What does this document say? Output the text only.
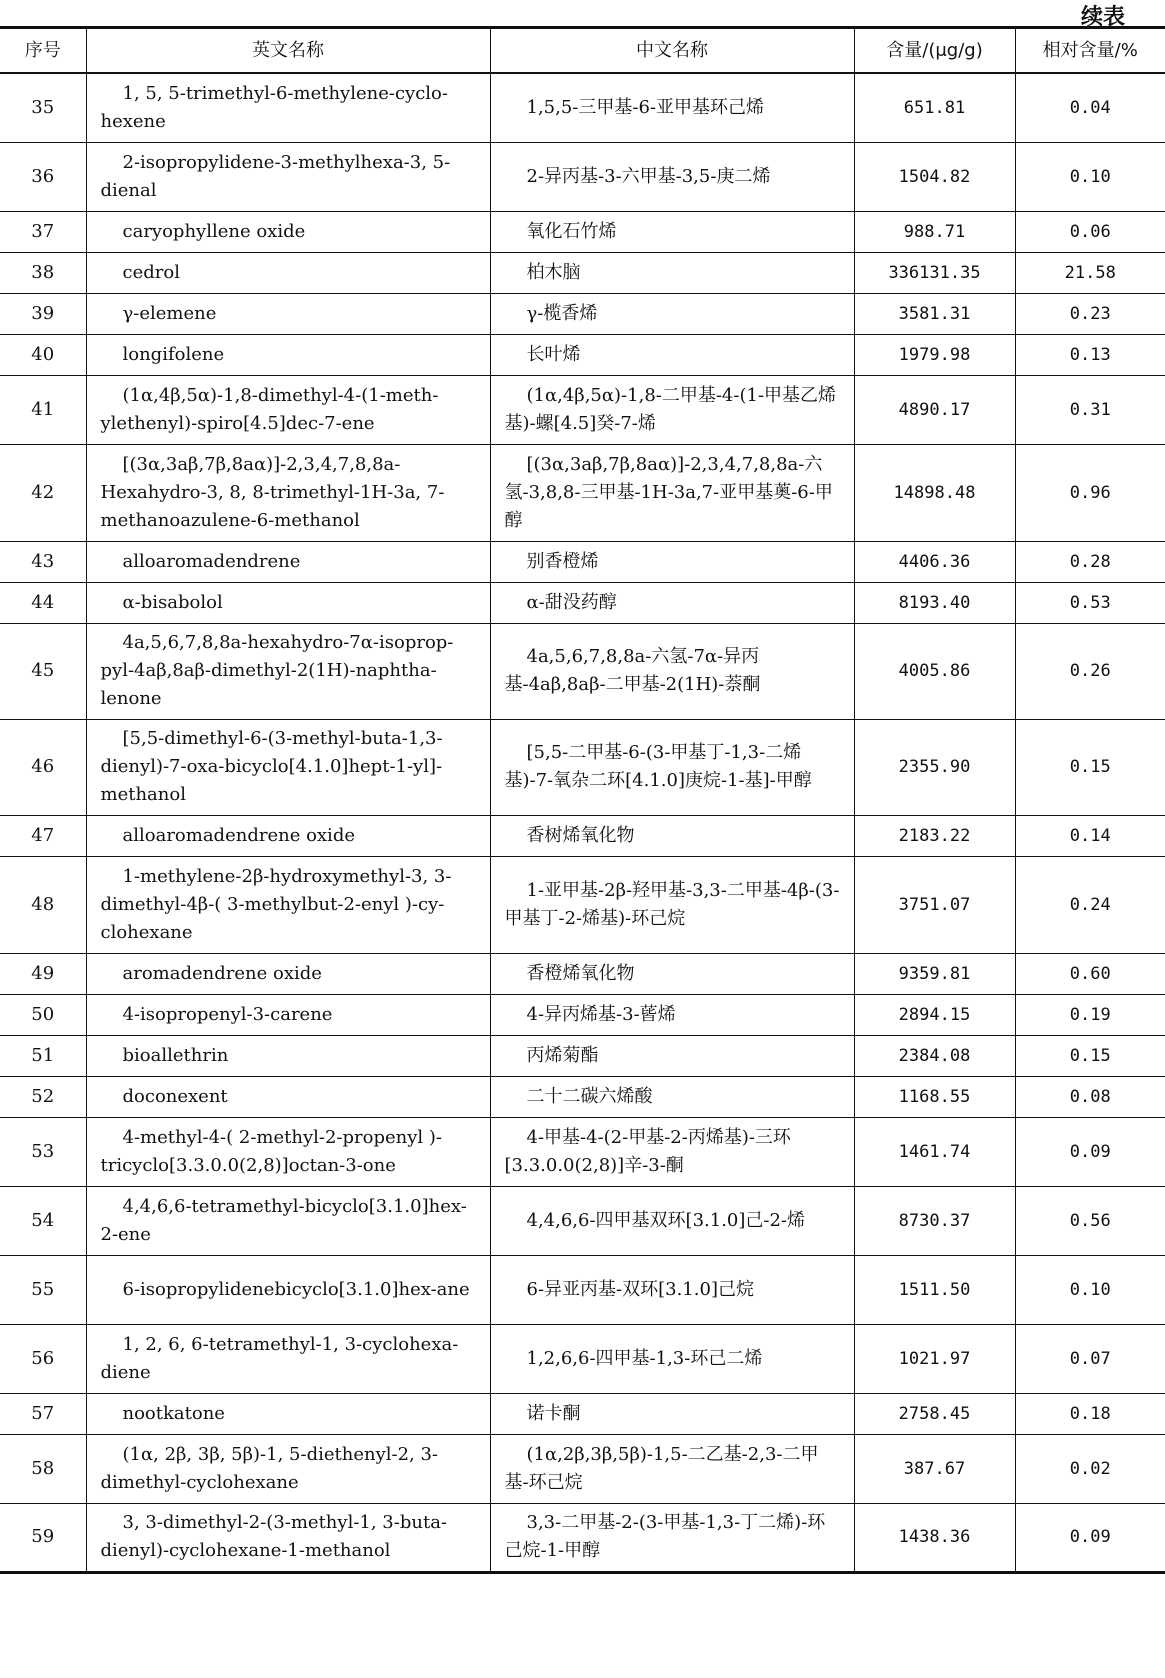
续表
序号	英文名称	中文名称	含量/(μg/g)	相对含量/%
35	1, 5, 5-trimethyl-6-methylene-cyclo-hexene	1,5,5-三甲基-6-亚甲基环己烯	651.81	0.04
36	2-isopropylidene-3-methylhexa-3, 5-dienal	2-异丙基-3-六甲基-3,5-庚二烯	1504.82	0.10
37	caryophyllene oxide	氧化石竹烯	988.71	0.06
38	cedrol	柏木脑	336131.35	21.58
39	γ-elemene	γ-榄香烯	3581.31	0.23
40	longifolene	长叶烯	1979.98	0.13
41	(1α,4β,5α)-1,8-dimethyl-4-(1-meth-ylethenyl)-spiro[4.5]dec-7-ene	(1α,4β,5α)-1,8-二甲基-4-(1-甲基乙烯基)-螺[4.5]癸-7-烯	4890.17	0.31
42	[(3α,3aβ,7β,8aα)]-2,3,4,7,8,8a-Hexahydro-3, 8, 8-trimethyl-1H-3a, 7-methanoazulene-6-methanol	[(3α,3aβ,7β,8aα)]-2,3,4,7,8,8a-六氢-3,8,8-三甲基-1H-3a,7-亚甲基薁-6-甲醇	14898.48	0.96
43	alloaromadendrene	别香橙烯	4406.36	0.28
44	α-bisabolol	α-甜没药醇	8193.40	0.53
45	4a,5,6,7,8,8a-hexahydro-7α-isoprop-pyl-4aβ,8aβ-dimethyl-2(1H)-naphtha-lenone	4a,5,6,7,8,8a-六氢-7α-异丙基-4aβ,8aβ-二甲基-2(1H)-萘酮	4005.86	0.26
46	[5,5-dimethyl-6-(3-methyl-buta-1,3-dienyl)-7-oxa-bicyclo[4.1.0]hept-1-yl]-methanol	[5,5-二甲基-6-(3-甲基丁-1,3-二烯基)-7-氧杂二环[4.1.0]庚烷-1-基]-甲醇	2355.90	0.15
47	alloaromadendrene oxide	香树烯氧化物	2183.22	0.14
48	1-methylene-2β-hydroxymethyl-3, 3-dimethyl-4β-( 3-methylbut-2-enyl )-cy-clohexane	1-亚甲基-2β-羟甲基-3,3-二甲基-4β-(3-甲基丁-2-烯基)-环己烷	3751.07	0.24
49	aromadendrene oxide	香橙烯氧化物	9359.81	0.60
50	4-isopropenyl-3-carene	4-异丙烯基-3-蒈烯	2894.15	0.19
51	bioallethrin	丙烯菊酯	2384.08	0.15
52	doconexent	二十二碳六烯酸	1168.55	0.08
53	4-methyl-4-( 2-methyl-2-propenyl )-tricyclo[3.3.0.0(2,8)]octan-3-one	4-甲基-4-(2-甲基-2-丙烯基)-三环[3.3.0.0(2,8)]辛-3-酮	1461.74	0.09
54	4,4,6,6-tetramethyl-bicyclo[3.1.0]hex-2-ene	4,4,6,6-四甲基双环[3.1.0]己-2-烯	8730.37	0.56
55	6-isopropylidenebicyclo[3.1.0]hex-ane	6-异亚丙基-双环[3.1.0]己烷	1511.50	0.10
56	1, 2, 6, 6-tetramethyl-1, 3-cyclohexa-diene	1,2,6,6-四甲基-1,3-环己二烯	1021.97	0.07
57	nootkatone	诺卡酮	2758.45	0.18
58	(1α, 2β, 3β, 5β)-1, 5-diethenyl-2, 3-dimethyl-cyclohexane	(1α,2β,3β,5β)-1,5-二乙基-2,3-二甲基-环己烷	387.67	0.02
59	3, 3-dimethyl-2-(3-methyl-1, 3-buta-dienyl)-cyclohexane-1-methanol	3,3-二甲基-2-(3-甲基-1,3-丁二烯)-环己烷-1-甲醇	1438.36	0.09
